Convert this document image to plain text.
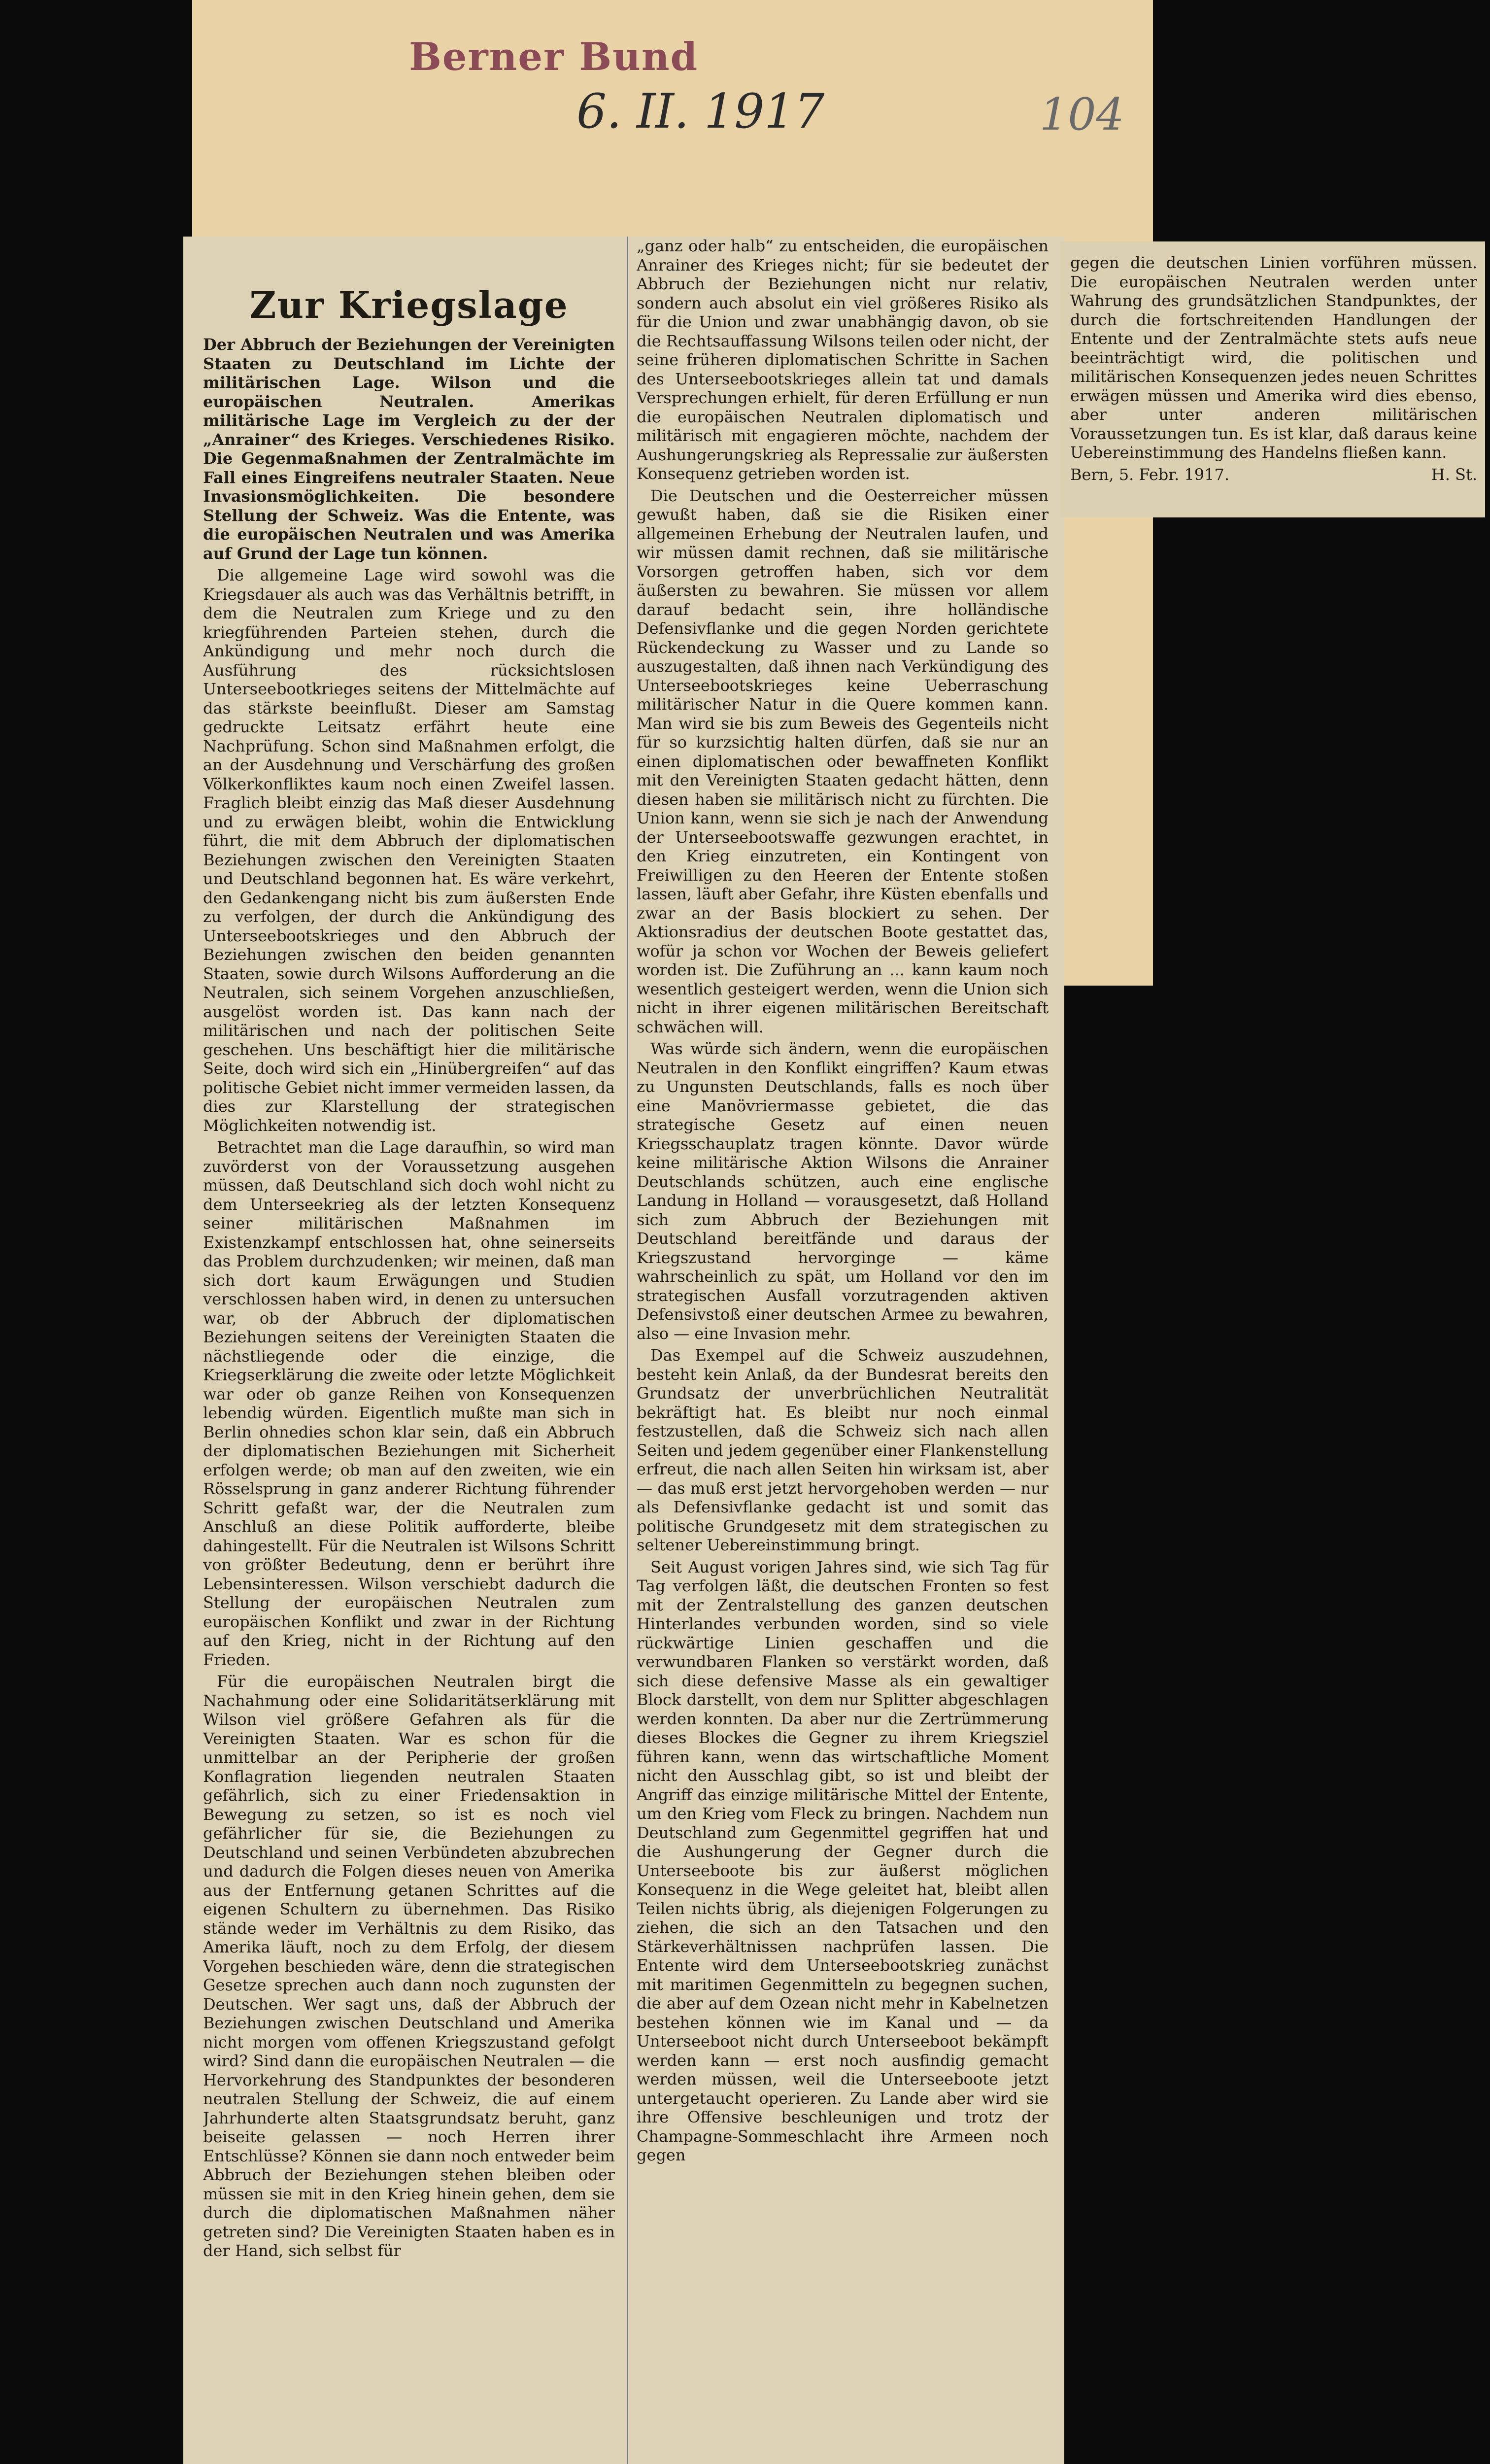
Berner Bund
6. II. 1917	104
Zur Kriegslage

Der Abbruch der Beziehungen der Vereinigten Staaten zu Deutschland im Lichte der militärischen Lage. Wilson und die europäischen Neutralen. Amerikas militärische Lage im Vergleich zu der der „Anrainer“ des Krieges. Verschiedenes Risiko. Die Gegenmaßnahmen der Zentralmächte im Fall eines Eingreifens neutraler Staaten. Neue Invasionsmöglichkeiten. Die besondere Stellung der Schweiz. Was die Entente, was die europäischen Neutralen und was Amerika auf Grund der Lage tun können.

Die allgemeine Lage wird sowohl was die Kriegsdauer als auch was das Verhältnis betrifft, in dem die Neutralen zum Kriege und zu den kriegführenden Parteien stehen, durch die Ankündigung und mehr noch durch die Ausführung des rücksichtslosen Unterseebootkrieges seitens der Mittelmächte auf das stärkste beeinflußt. Dieser am Samstag gedruckte Leitsatz erfährt heute eine Nachprüfung. Schon sind Maßnahmen erfolgt, die an der Ausdehnung und Verschärfung des großen Völkerkonfliktes kaum noch einen Zweifel lassen. Fraglich bleibt einzig das Maß dieser Ausdehnung und zu erwägen bleibt, wohin die Entwicklung führt, die mit dem Abbruch der diplomatischen Beziehungen zwischen den Vereinigten Staaten und Deutschland begonnen hat. Es wäre verkehrt, den Gedankengang nicht bis zum äußersten Ende zu verfolgen, der durch die Ankündigung des Unterseebootskrieges und den Abbruch der Beziehungen zwischen den beiden genannten Staaten, sowie durch Wilsons Aufforderung an die Neutralen, sich seinem Vorgehen anzuschließen, ausgelöst worden ist. Das kann nach der militärischen und nach der politischen Seite geschehen. Uns beschäftigt hier die militärische Seite, doch wird sich ein „Hinübergreifen“ auf das politische Gebiet nicht immer vermeiden lassen, da dies zur Klarstellung der strategischen Möglichkeiten notwendig ist.

Betrachtet man die Lage daraufhin, so wird man zuvörderst von der Voraussetzung ausgehen müssen, daß Deutschland sich doch wohl nicht zu dem Unterseekrieg als der letzten Konsequenz seiner militärischen Maßnahmen im Existenzkampf entschlossen hat, ohne seinerseits das Problem durchzudenken; wir meinen, daß man sich dort kaum Erwägungen und Studien verschlossen haben wird, in denen zu untersuchen war, ob der Abbruch der diplomatischen Beziehungen seitens der Vereinigten Staaten die nächstliegende oder die einzige, die Kriegserklärung die zweite oder letzte Möglichkeit war oder ob ganze Reihen von Konsequenzen lebendig würden. Eigentlich mußte man sich in Berlin ohnedies schon klar sein, daß ein Abbruch der diplomatischen Beziehungen mit Sicherheit erfolgen werde; ob man auf den zweiten, wie ein Rösselsprung in ganz anderer Richtung führender Schritt gefaßt war, der die Neutralen zum Anschluß an diese Politik aufforderte, bleibe dahingestellt. Für die Neutralen ist Wilsons Schritt von größter Bedeutung, denn er berührt ihre Lebensinteressen. Wilson verschiebt dadurch die Stellung der europäischen Neutralen zum europäischen Konflikt und zwar in der Richtung auf den Krieg, nicht in der Richtung auf den Frieden.

Für die europäischen Neutralen birgt die Nachahmung oder eine Solidaritätserklärung mit Wilson viel größere Gefahren als für die Vereinigten Staaten. War es schon für die unmittelbar an der Peripherie der großen Konflagration liegenden neutralen Staaten gefährlich, sich zu einer Friedensaktion in Bewegung zu setzen, so ist es noch viel gefährlicher für sie, die Beziehungen zu Deutschland und seinen Verbündeten abzubrechen und dadurch die Folgen dieses neuen von Amerika aus der Entfernung getanen Schrittes auf die eigenen Schultern zu übernehmen. Das Risiko stände weder im Verhältnis zu dem Risiko, das Amerika läuft, noch zu dem Erfolg, der diesem Vorgehen beschieden wäre, denn die strategischen Gesetze sprechen auch dann noch zugunsten der Deutschen. Wer sagt uns, daß der Abbruch der Beziehungen zwischen Deutschland und Amerika nicht morgen vom offenen Kriegszustand gefolgt wird? Sind dann die europäischen Neutralen — die Hervorkehrung des Standpunktes der besonderen neutralen Stellung der Schweiz, die auf einem Jahrhunderte alten Staatsgrundsatz beruht, ganz beiseite gelassen — noch Herren ihrer Entschlüsse? Können sie dann noch entweder beim Abbruch der Beziehungen stehen bleiben oder müssen sie mit in den Krieg hinein gehen, dem sie durch die diplomatischen Maßnahmen näher getreten sind? Die Vereinigten Staaten haben es in der Hand, sich selbst für

„ganz oder halb“ zu entscheiden, die europäischen Anrainer des Krieges nicht; für sie bedeutet der Abbruch der Beziehungen nicht nur relativ, sondern auch absolut ein viel größeres Risiko als für die Union und zwar unabhängig davon, ob sie die Rechtsauffassung Wilsons teilen oder nicht, der seine früheren diplomatischen Schritte in Sachen des Unterseebootskrieges allein tat und damals Versprechungen erhielt, für deren Erfüllung er nun die europäischen Neutralen diplomatisch und militärisch mit engagieren möchte, nachdem der Aushungerungskrieg als Repressalie zur äußersten Konsequenz getrieben worden ist.

Die Deutschen und die Oesterreicher müssen gewußt haben, daß sie die Risiken einer allgemeinen Erhebung der Neutralen laufen, und wir müssen damit rechnen, daß sie militärische Vorsorgen getroffen haben, sich vor dem äußersten zu bewahren. Sie müssen vor allem darauf bedacht sein, ihre holländische Defensivflanke und die gegen Norden gerichtete Rückendeckung zu Wasser und zu Lande so auszugestalten, daß ihnen nach Verkündigung des Unterseebootskrieges keine Ueberraschung militärischer Natur in die Quere kommen kann. Man wird sie bis zum Beweis des Gegenteils nicht für so kurzsichtig halten dürfen, daß sie nur an einen diplomatischen oder bewaffneten Konflikt mit den Vereinigten Staaten gedacht hätten, denn diesen haben sie militärisch nicht zu fürchten. Die Union kann, wenn sie sich je nach der Anwendung der Unterseebootswaffe gezwungen erachtet, in den Krieg einzutreten, ein Kontingent von Freiwilligen zu den Heeren der Entente stoßen lassen, läuft aber Gefahr, ihre Küsten ebenfalls und zwar an der Basis blockiert zu sehen. Der Aktionsradius der deutschen Boote gestattet das, wofür ja schon vor Wochen der Beweis geliefert worden ist. Die Zuführung an ... kann kaum noch wesentlich gesteigert werden, wenn die Union sich nicht in ihrer eigenen militärischen Bereitschaft schwächen will.

Was würde sich ändern, wenn die europäischen Neutralen in den Konflikt eingriffen? Kaum etwas zu Ungunsten Deutschlands, falls es noch über eine Manövriermasse gebietet, die das strategische Gesetz auf einen neuen Kriegsschauplatz tragen könnte. Davor würde keine militärische Aktion Wilsons die Anrainer Deutschlands schützen, auch eine englische Landung in Holland — vorausgesetzt, daß Holland sich zum Abbruch der Beziehungen mit Deutschland bereitfände und daraus der Kriegszustand hervorginge — käme wahrscheinlich zu spät, um Holland vor den im strategischen Ausfall vorzutragenden aktiven Defensivstoß einer deutschen Armee zu bewahren, also — eine Invasion mehr.

Das Exempel auf die Schweiz auszudehnen, besteht kein Anlaß, da der Bundesrat bereits den Grundsatz der unverbrüchlichen Neutralität bekräftigt hat. Es bleibt nur noch einmal festzustellen, daß die Schweiz sich nach allen Seiten und jedem gegenüber einer Flankenstellung erfreut, die nach allen Seiten hin wirksam ist, aber — das muß erst jetzt hervorgehoben werden — nur als Defensivflanke gedacht ist und somit das politische Grundgesetz mit dem strategischen zu seltener Uebereinstimmung bringt.

Seit August vorigen Jahres sind, wie sich Tag für Tag verfolgen läßt, die deutschen Fronten so fest mit der Zentralstellung des ganzen deutschen Hinterlandes verbunden worden, sind so viele rückwärtige Linien geschaffen und die verwundbaren Flanken so verstärkt worden, daß sich diese defensive Masse als ein gewaltiger Block darstellt, von dem nur Splitter abgeschlagen werden konnten. Da aber nur die Zertrümmerung dieses Blockes die Gegner zu ihrem Kriegsziel führen kann, wenn das wirtschaftliche Moment nicht den Ausschlag gibt, so ist und bleibt der Angriff das einzige militärische Mittel der Entente, um den Krieg vom Fleck zu bringen. Nachdem nun Deutschland zum Gegenmittel gegriffen hat und die Aushungerung der Gegner durch die Unterseeboote bis zur äußerst möglichen Konsequenz in die Wege geleitet hat, bleibt allen Teilen nichts übrig, als diejenigen Folgerungen zu ziehen, die sich an den Tatsachen und den Stärkeverhältnissen nachprüfen lassen. Die Entente wird dem Unterseebootskrieg zunächst mit maritimen Gegenmitteln zu begegnen suchen, die aber auf dem Ozean nicht mehr in Kabelnetzen bestehen können wie im Kanal und — da Unterseeboot nicht durch Unterseeboot bekämpft werden kann — erst noch ausfindig gemacht werden müssen, weil die Unterseeboote jetzt untergetaucht operieren. Zu Lande aber wird sie ihre Offensive beschleunigen und trotz der Champagne-Sommeschlacht ihre Armeen noch gegen

gegen die deutschen Linien vorführen müssen. Die europäischen Neutralen werden unter Wahrung des grundsätzlichen Standpunktes, der durch die fortschreitenden Handlungen der Entente und der Zentralmächte stets aufs neue beeinträchtigt wird, die politischen und militärischen Konsequenzen jedes neuen Schrittes erwägen müssen und Amerika wird dies ebenso, aber unter anderen militärischen Voraussetzungen tun. Es ist klar, daß daraus keine Uebereinstimmung des Handelns fließen kann.

Bern, 5. Febr. 1917.	H. St.
